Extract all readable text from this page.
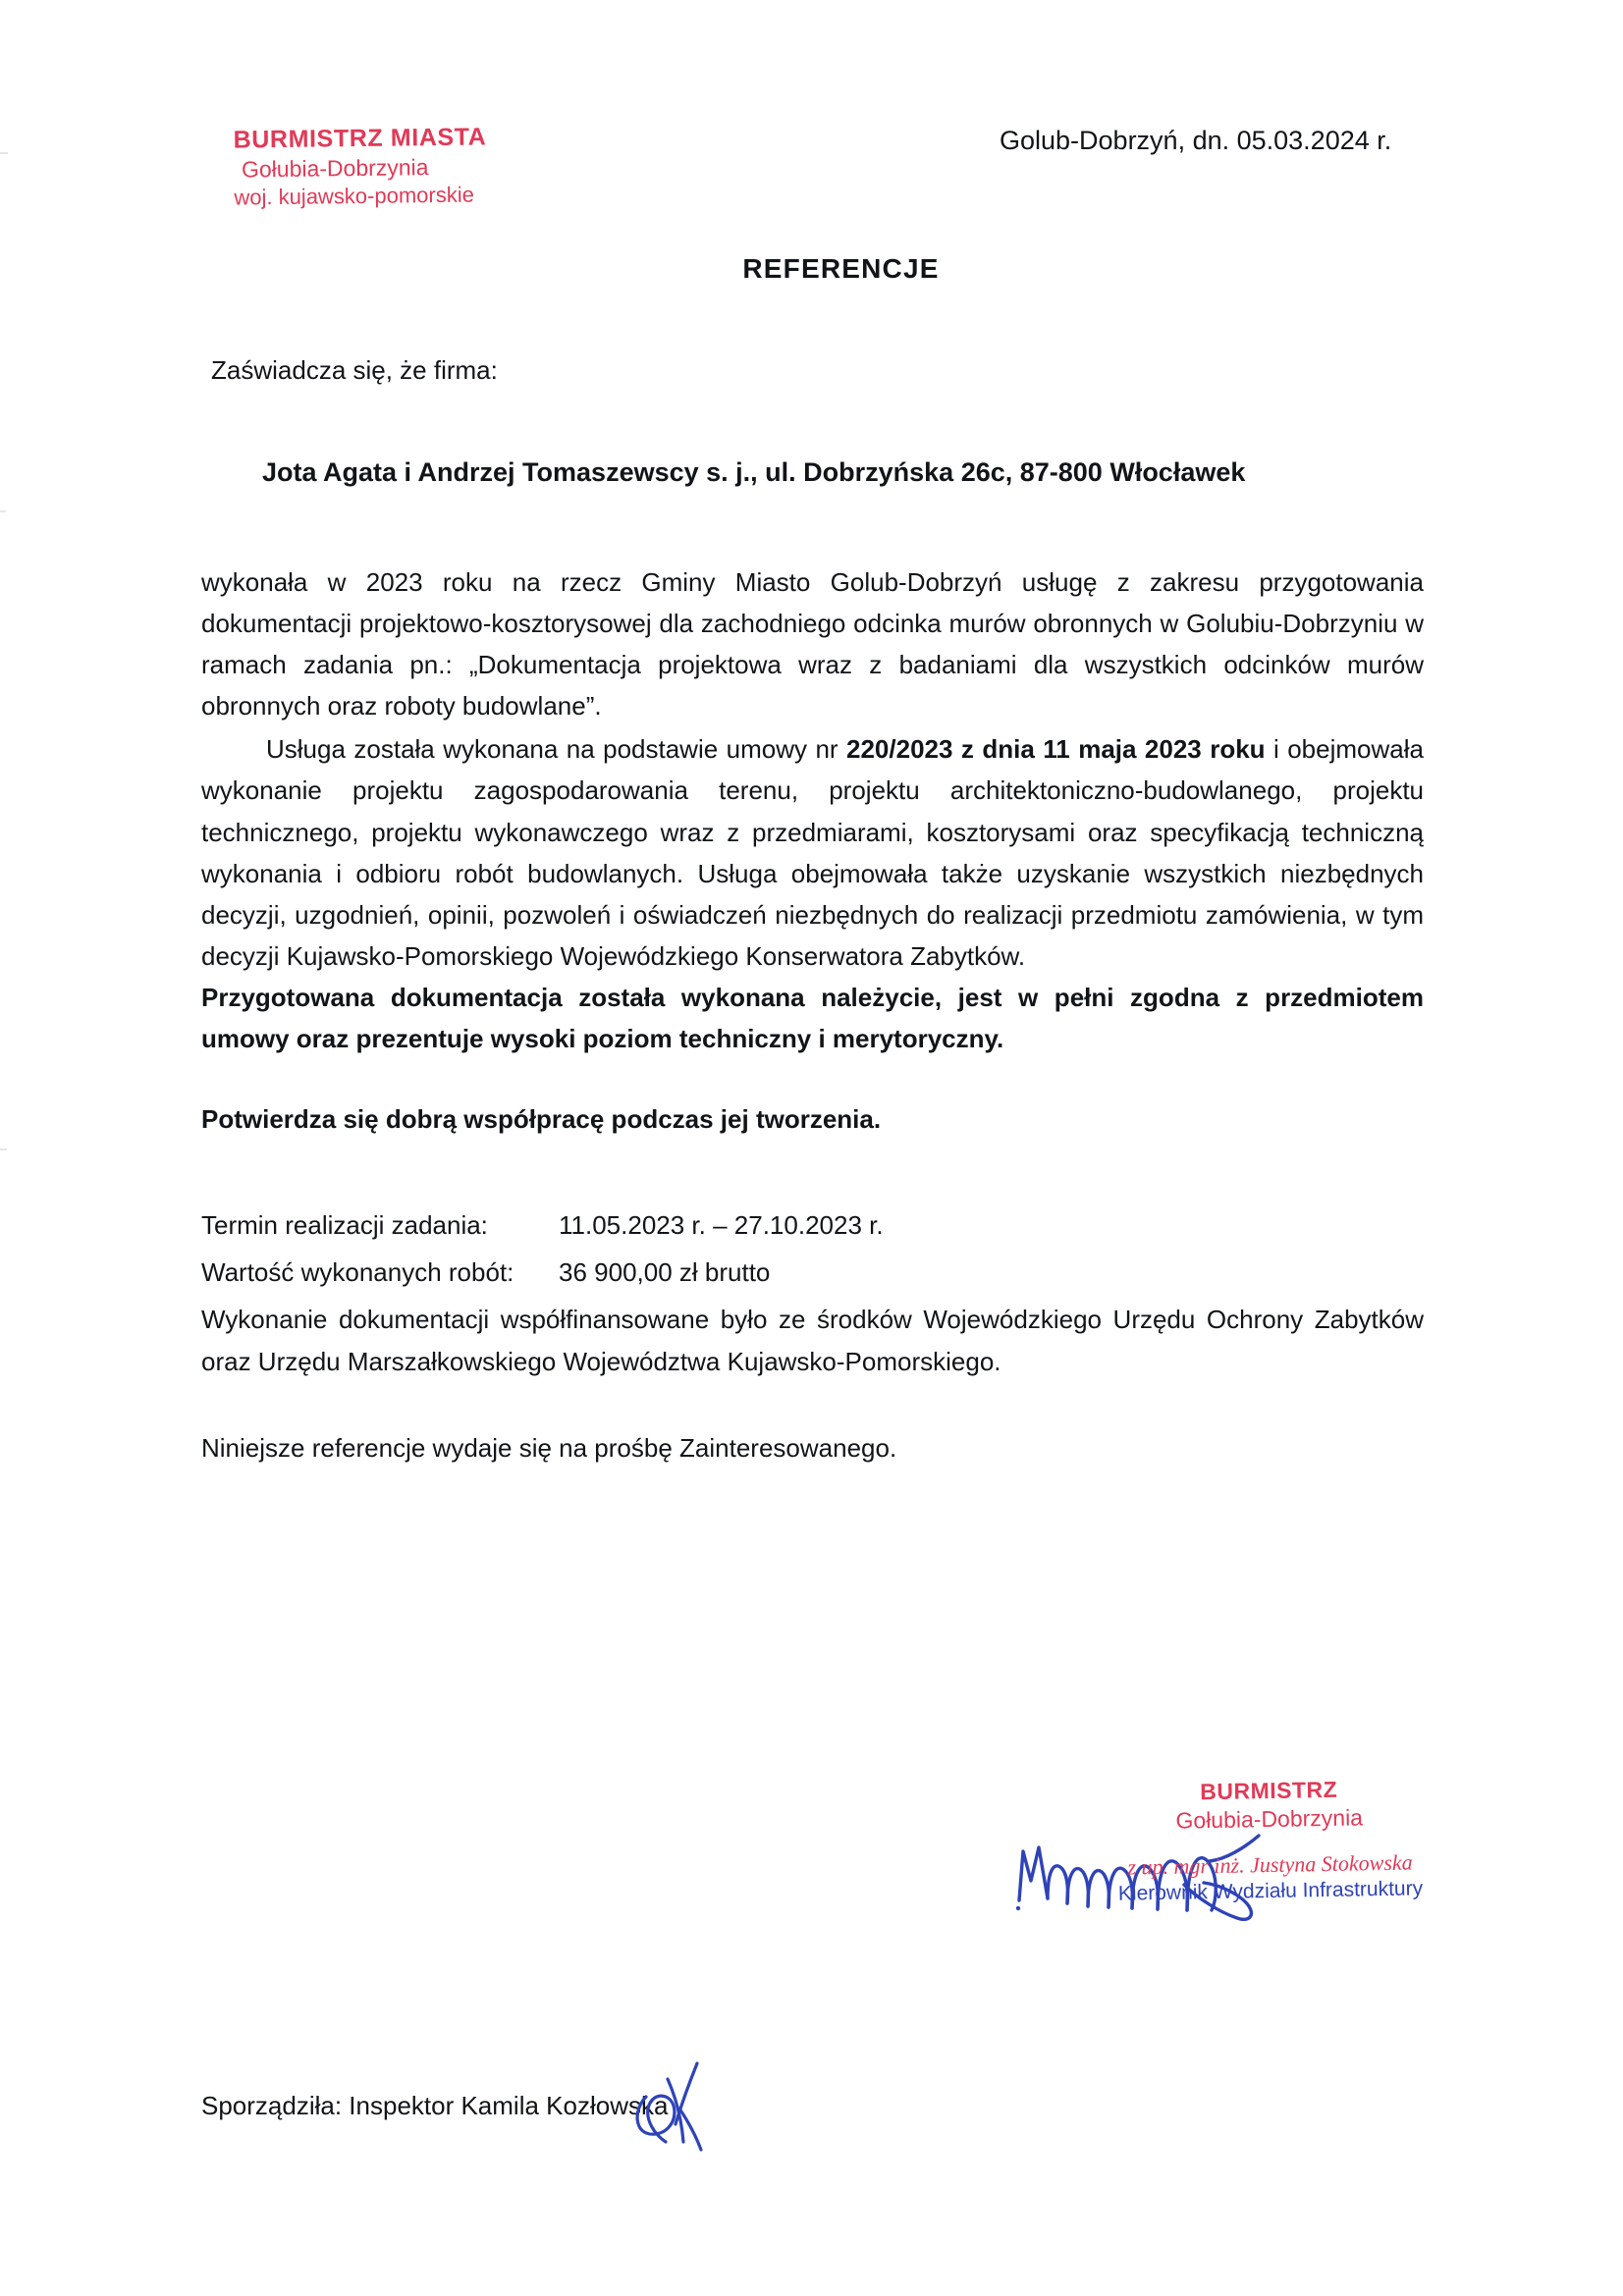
BURMISTRZ MIASTA
Gołubia-Dobrzynia
woj. kujawsko-pomorskie
Golub-Dobrzyń, dn. 05.03.2024 r.
REFERENCJE
Zaświadcza się, że firma:
Jota Agata i Andrzej Tomaszewscy s. j., ul. Dobrzyńska 26c, 87-800 Włocławek

wykonała w 2023 roku na rzecz Gminy Miasto Golub-Dobrzyń usługę z zakresu przygotowania dokumentacji projektowo-kosztorysowej dla zachodniego odcinka murów obronnych w Golubiu-Dobrzyniu w ramach zadania pn.: „Dokumentacja projektowa wraz z badaniami dla wszystkich odcinków murów obronnych oraz roboty budowlane”.

Usługa została wykonana na podstawie umowy nr 220/2023 z dnia 11 maja 2023 roku i obejmowała wykonanie projektu zagospodarowania terenu, projektu architektoniczno-budowlanego, projektu technicznego, projektu wykonawczego wraz z przedmiarami, kosztorysami oraz specyfikacją techniczną wykonania i odbioru robót budowlanych. Usługa obejmowała także uzyskanie wszystkich niezbędnych decyzji, uzgodnień, opinii, pozwoleń i oświadczeń niezbędnych do realizacji przedmiotu zamówienia, w tym decyzji Kujawsko-Pomorskiego Wojewódzkiego Konserwatora Zabytków.

Przygotowana dokumentacja została wykonana należycie, jest w pełni zgodna z przedmiotem umowy oraz prezentuje wysoki poziom techniczny i merytoryczny.

Potwierdza się dobrą współpracę podczas jej tworzenia.

Termin realizacji zadania:	11.05.2023 r. – 27.10.2023 r.
Wartość wykonanych robót:	36 900,00 zł brutto

Wykonanie dokumentacji współfinansowane było ze środków Wojewódzkiego Urzędu Ochrony Zabytków oraz Urzędu Marszałkowskiego Województwa Kujawsko-Pomorskiego.

Niniejsze referencje wydaje się na prośbę Zainteresowanego.

BURMISTRZ
Gołubia-Dobrzynia
z up. mgr inż. Justyna Stokowska
Kierownik Wydziału Infrastruktury
Sporządziła: Inspektor Kamila Kozłowska
